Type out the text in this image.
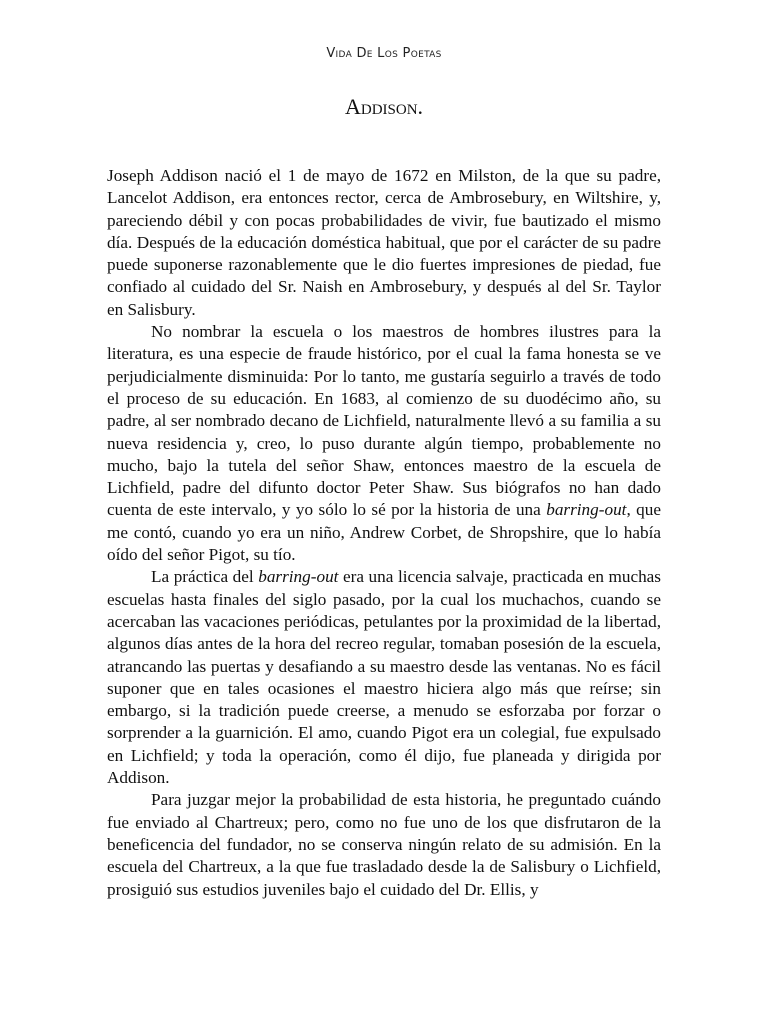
Vida De Los Poetas
Addison.

Joseph Addison nació el 1 de mayo de 1672 en Milston, de la que su padre, Lancelot Addison, era entonces rector, cerca de Ambrosebury, en Wiltshire, y, pareciendo débil y con pocas probabilidades de vivir, fue bautizado el mismo día. Después de la educación doméstica habitual, que por el carácter de su padre puede suponerse razonablemente que le dio fuertes impresiones de piedad, fue confiado al cuidado del Sr. Naish en Ambrosebury, y después al del Sr. Taylor en Salisbury.

No nombrar la escuela o los maestros de hombres ilustres para la literatura, es una especie de fraude histórico, por el cual la fama honesta se ve perjudicialmente disminuida: Por lo tanto, me gustaría seguirlo a través de todo el proceso de su educación. En 1683, al comienzo de su duodécimo año, su padre, al ser nombrado decano de Lichfield, naturalmente llevó a su familia a su nueva residencia y, creo, lo puso durante algún tiempo, probablemente no mucho, bajo la tutela del señor Shaw, entonces maestro de la escuela de Lichfield, padre del difunto doctor Peter Shaw. Sus biógrafos no han dado cuenta de este intervalo, y yo sólo lo sé por la historia de una barring-out, que me contó, cuando yo era un niño, Andrew Corbet, de Shropshire, que lo había oído del señor Pigot, su tío.

La práctica del barring-out era una licencia salvaje, practicada en muchas escuelas hasta finales del siglo pasado, por la cual los muchachos, cuando se acercaban las vacaciones periódicas, petulantes por la proximidad de la libertad, algunos días antes de la hora del recreo regular, tomaban posesión de la escuela, atrancando las puertas y desafiando a su maestro desde las ventanas. No es fácil suponer que en tales ocasiones el maestro hiciera algo más que reírse; sin embargo, si la tradición puede creerse, a menudo se esforzaba por forzar o sorprender a la guarnición. El amo, cuando Pigot era un colegial, fue expulsado en Lichfield; y toda la operación, como él dijo, fue planeada y dirigida por Addison.

Para juzgar mejor la probabilidad de esta historia, he preguntado cuándo fue enviado al Chartreux; pero, como no fue uno de los que disfrutaron de la beneficencia del fundador, no se conserva ningún relato de su admisión. En la escuela del Chartreux, a la que fue trasladado desde la de Salisbury o Lichfield, prosiguió sus estudios juveniles bajo el cuidado del Dr. Ellis, y
